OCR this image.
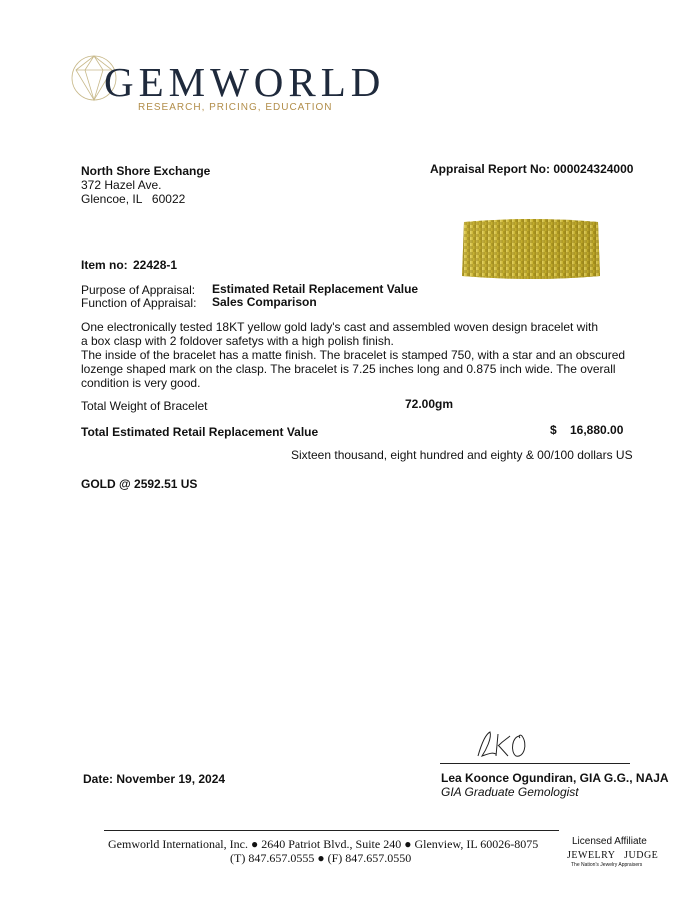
GEMWORLD
RESEARCH, PRICING, EDUCATION
North Shore Exchange
372 Hazel Ave.
Glencoe, IL   60022
Appraisal Report No: 000024324000
Item no: 22428-1
Purpose of Appraisal: Estimated Retail Replacement Value
Function of Appraisal: Sales Comparison
One electronically tested 18KT yellow gold lady's cast and assembled woven design bracelet with
a box clasp with 2 foldover safetys with a high polish finish.
The inside of the bracelet has a matte finish. The bracelet is stamped 750, with a star and an obscured
lozenge shaped mark on the clasp. The bracelet is 7.25 inches long and 0.875 inch wide. The overall
condition is very good.
Total Weight of Bracelet	72.00gm
Total Estimated Retail Replacement Value	$ 16,880.00
Sixteen thousand, eight hundred and eighty & 00/100 dollars US
GOLD @ 2592.51 US
Date: November 19, 2024	Lea Koonce Ogundiran, GIA G.G., NAJA
GIA Graduate Gemologist
Gemworld International, Inc. ● 2640 Patriot Blvd., Suite 240 ● Glenview, IL 60026-8075
(T) 847.657.0555 ● (F) 847.657.0550
Licensed Affiliate
JEWELRY   JUDGE
The Nation's Jewelry Appraisers
